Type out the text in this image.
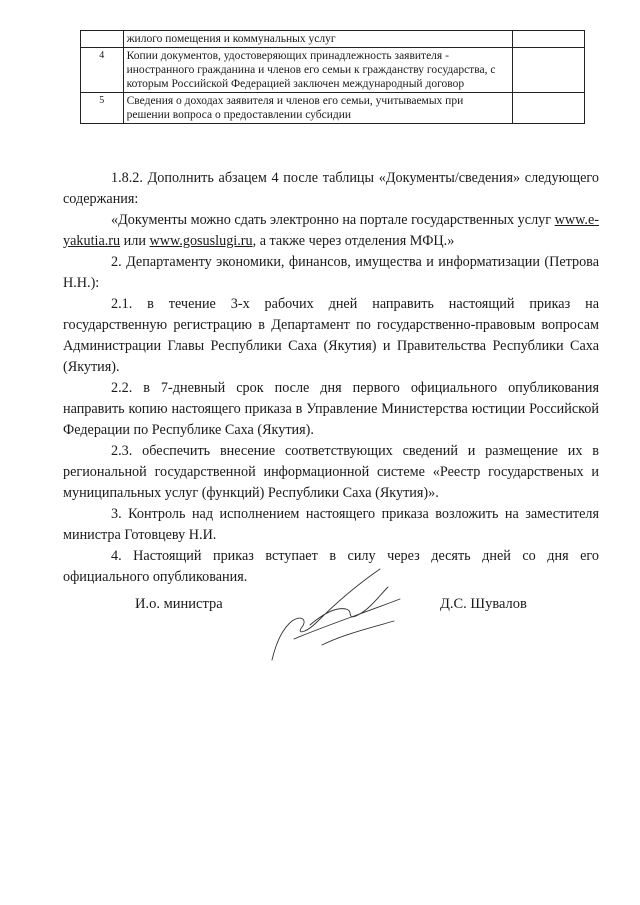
	жилого помещения и коммунальных услуг	
4	Копии документов, удостоверяющих принадлежность заявителя - иностранного гражданина и членов его семьи к гражданству государства, с которым Российской Федерацией заключен международный договор	
5	Сведения о доходах заявителя и членов его семьи, учитываемых при решении вопроса о предоставлении субсидии	

1.8.2. Дополнить абзацем 4 после таблицы «Документы/сведения» следующего содержания:

«Документы можно сдать электронно на портале государственных услуг www.e-yakutia.ru или www.gosuslugi.ru, а также через отделения МФЦ.»

2. Департаменту экономики, финансов, имущества и информатизации (Петрова Н.Н.):

2.1. в течение 3-х рабочих дней направить настоящий приказ на государственную регистрацию в Департамент по государственно-правовым вопросам Администрации Главы Республики Саха (Якутия) и Правительства Республики Саха (Якутия).

2.2. в 7-дневный срок после дня первого официального опубликования направить копию настоящего приказа в Управление Министерства юстиции Российской Федерации по Республике Саха (Якутия).

2.3. обеспечить внесение соответствующих сведений и размещение их в региональной государственной информационной системе «Реестр государственых и муниципальных услуг (функций) Республики Саха (Якутия)».

3. Контроль над исполнением настоящего приказа возложить на заместителя министра Готовцеву Н.И.

4. Настоящий приказ вступает в силу через десять дней со дня его официального опубликования.

И.о. министра	Д.С. Шувалов
